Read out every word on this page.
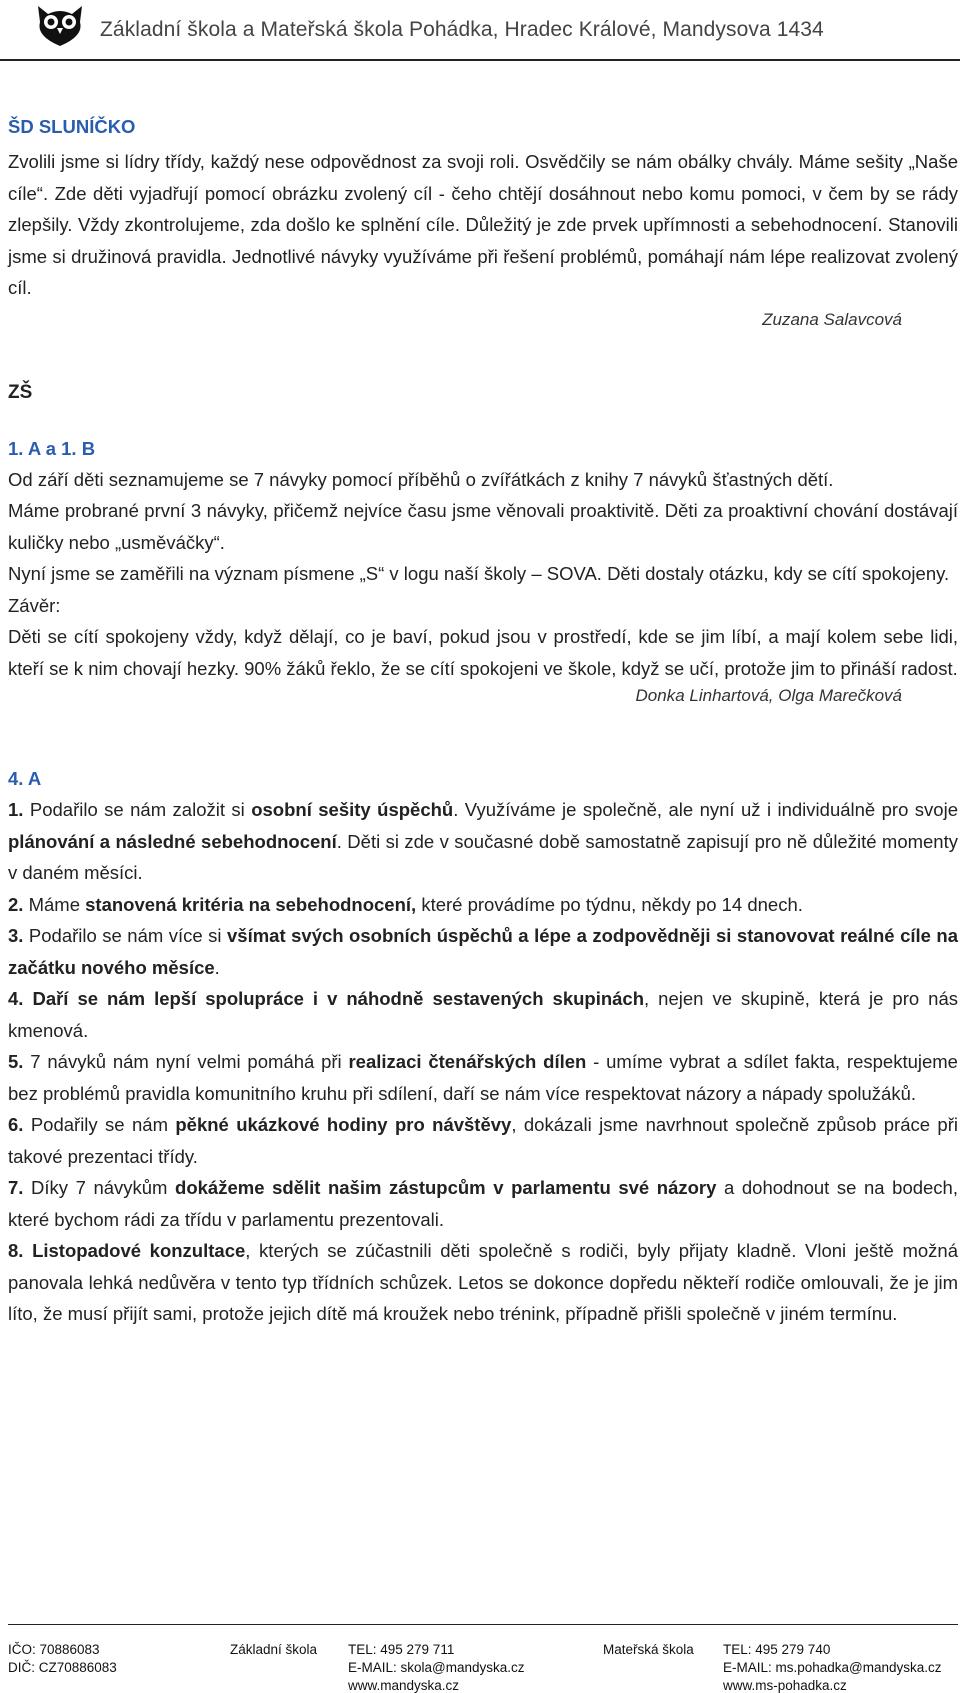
Základní škola a Mateřská škola Pohádka, Hradec Králové, Mandysova 1434

ŠD SLUNÍČKO

Zvolili jsme si lídry třídy, každý nese odpovědnost za svoji roli. Osvědčily se nám obálky chvály. Máme sešity „Naše cíle“. Zde děti vyjadřují pomocí obrázku zvolený cíl - čeho chtějí dosáhnout nebo komu pomoci, v čem by se rády zlepšily. Vždy zkontrolujeme, zda došlo ke splnění cíle. Důležitý je zde prvek upřímnosti a sebehodnocení. Stanovili jsme si družinová pravidla. Jednotlivé návyky využíváme při řešení problémů, pomáhají nám lépe realizovat zvolený cíl.

Zuzana Salavcová

ZŠ

1. A a 1. B

Od září děti seznamujeme se 7 návyky pomocí příběhů o zvířátkách z knihy 7 návyků šťastných dětí.

Máme probrané první 3 návyky, přičemž nejvíce času jsme věnovali proaktivitě. Děti za proaktivní chování dostávají kuličky nebo „usměváčky“.

Nyní jsme se zaměřili na význam písmene „S“ v logu naší školy – SOVA. Děti dostaly otázku, kdy se cítí spokojeny.

Závěr:

Děti se cítí spokojeny vždy, když dělají, co je baví, pokud jsou v prostředí, kde se jim líbí, a mají kolem sebe lidi, kteří se k nim chovají hezky. 90% žáků řeklo, že se cítí spokojeni ve škole, když se učí, protože jim to přináší radost.

Donka Linhartová, Olga Marečková

4. A

1. Podařilo se nám založit si osobní sešity úspěchů. Využíváme je společně, ale nyní už i individuálně pro svoje plánování a následné sebehodnocení. Děti si zde v současné době samostatně zapisují pro ně důležité momenty v daném měsíci.

2. Máme stanovená kritéria na sebehodnocení, které provádíme po týdnu, někdy po 14 dnech.

3. Podařilo se nám více si všímat svých osobních úspěchů a lépe a zodpovědněji si stanovovat reálné cíle na začátku nového měsíce.

4. Daří se nám lepší spolupráce i v náhodně sestavených skupinách, nejen ve skupině, která je pro nás kmenová.

5. 7 návyků nám nyní velmi pomáhá při realizaci čtenářských dílen - umíme vybrat a sdílet fakta, respektujeme bez problémů pravidla komunitního kruhu při sdílení, daří se nám více respektovat názory a nápady spolužáků.

6. Podařily se nám pěkné ukázkové hodiny pro návštěvy, dokázali jsme navrhnout společně způsob práce při takové prezentaci třídy.

7. Díky 7 návykům dokážeme sdělit našim zástupcům v parlamentu své názory a dohodnout se na bodech, které bychom rádi za třídu v parlamentu prezentovali.

8. Listopadové konzultace, kterých se zúčastnili děti společně s rodiči, byly přijaty kladně. Vloni ještě možná panovala lehká nedůvěra v tento typ třídních schůzek. Letos se dokonce dopředu někteří rodiče omlouvali, že je jim líto, že musí přijít sami, protože jejich dítě má kroužek nebo trénink, případně přišli společně v jiném termínu.

IČO: 70886083
DIČ: CZ70886083
Základní škola TEL: 495 279 711
E-MAIL: skola@mandyska.cz
www.mandyska.cz
Mateřská škola TEL: 495 279 740
E-MAIL: ms.pohadka@mandyska.cz
www.ms-pohadka.cz
